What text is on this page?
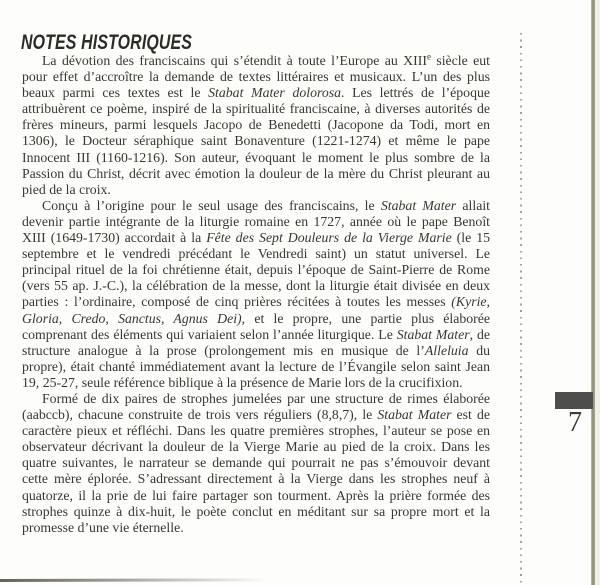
NOTES HISTORIQUES

La dévotion des franciscains qui s’étendit à toute l’Europe au XIIIe siècle eut pour effet d’accroître la demande de textes littéraires et musicaux. L’un des plus beaux parmi ces textes est le Stabat Mater dolorosa. Les lettrés de l’époque attribuèrent ce poème, inspiré de la spiritualité franciscaine, à diverses autorités de frères mineurs, parmi lesquels Jacopo de Benedetti (Jacopone da Todi, mort en 1306), le Docteur séraphique saint Bonaventure (1221-1274) et même le pape Innocent III (1160-1216). Son auteur, évoquant le moment le plus sombre de la Passion du Christ, décrit avec émotion la douleur de la mère du Christ pleurant au pied de la croix.

Conçu à l’origine pour le seul usage des franciscains, le Stabat Mater allait devenir partie intégrante de la liturgie romaine en 1727, année où le pape Benoît XIII (1649-1730) accordait à la Fête des Sept Douleurs de la Vierge Marie (le 15 septembre et le vendredi précédant le Vendredi saint) un statut universel. Le principal rituel de la foi chrétienne était, depuis l’époque de Saint-Pierre de Rome (vers 55 ap. J.-C.), la célébration de la messe, dont la liturgie était divisée en deux parties : l’ordinaire, composé de cinq prières récitées à toutes les messes (Kyrie, Gloria, Credo, Sanctus, Agnus Dei), et le propre, une partie plus élaborée comprenant des éléments qui variaient selon l’année liturgique. Le Stabat Mater, de structure analogue à la prose (prolongement mis en musique de l’Alleluia du propre), était chanté immédiatement avant la lecture de l’Évangile selon saint Jean 19, 25-27, seule référence biblique à la présence de Marie lors de la crucifixion.

Formé de dix paires de strophes jumelées par une structure de rimes élaborée (aabccb), chacune construite de trois vers réguliers (8,8,7), le Stabat Mater est de caractère pieux et réfléchi. Dans les quatre premières strophes, l’auteur se pose en observateur décrivant la douleur de la Vierge Marie au pied de la croix. Dans les quatre suivantes, le narrateur se demande qui pourrait ne pas s’émouvoir devant cette mère éplorée. S’adressant directement à la Vierge dans les strophes neuf à quatorze, il la prie de lui faire partager son tourment. Après la prière formée des strophes quinze à dix-huit, le poète conclut en méditant sur sa propre mort et la promesse d’une vie éternelle.

7
